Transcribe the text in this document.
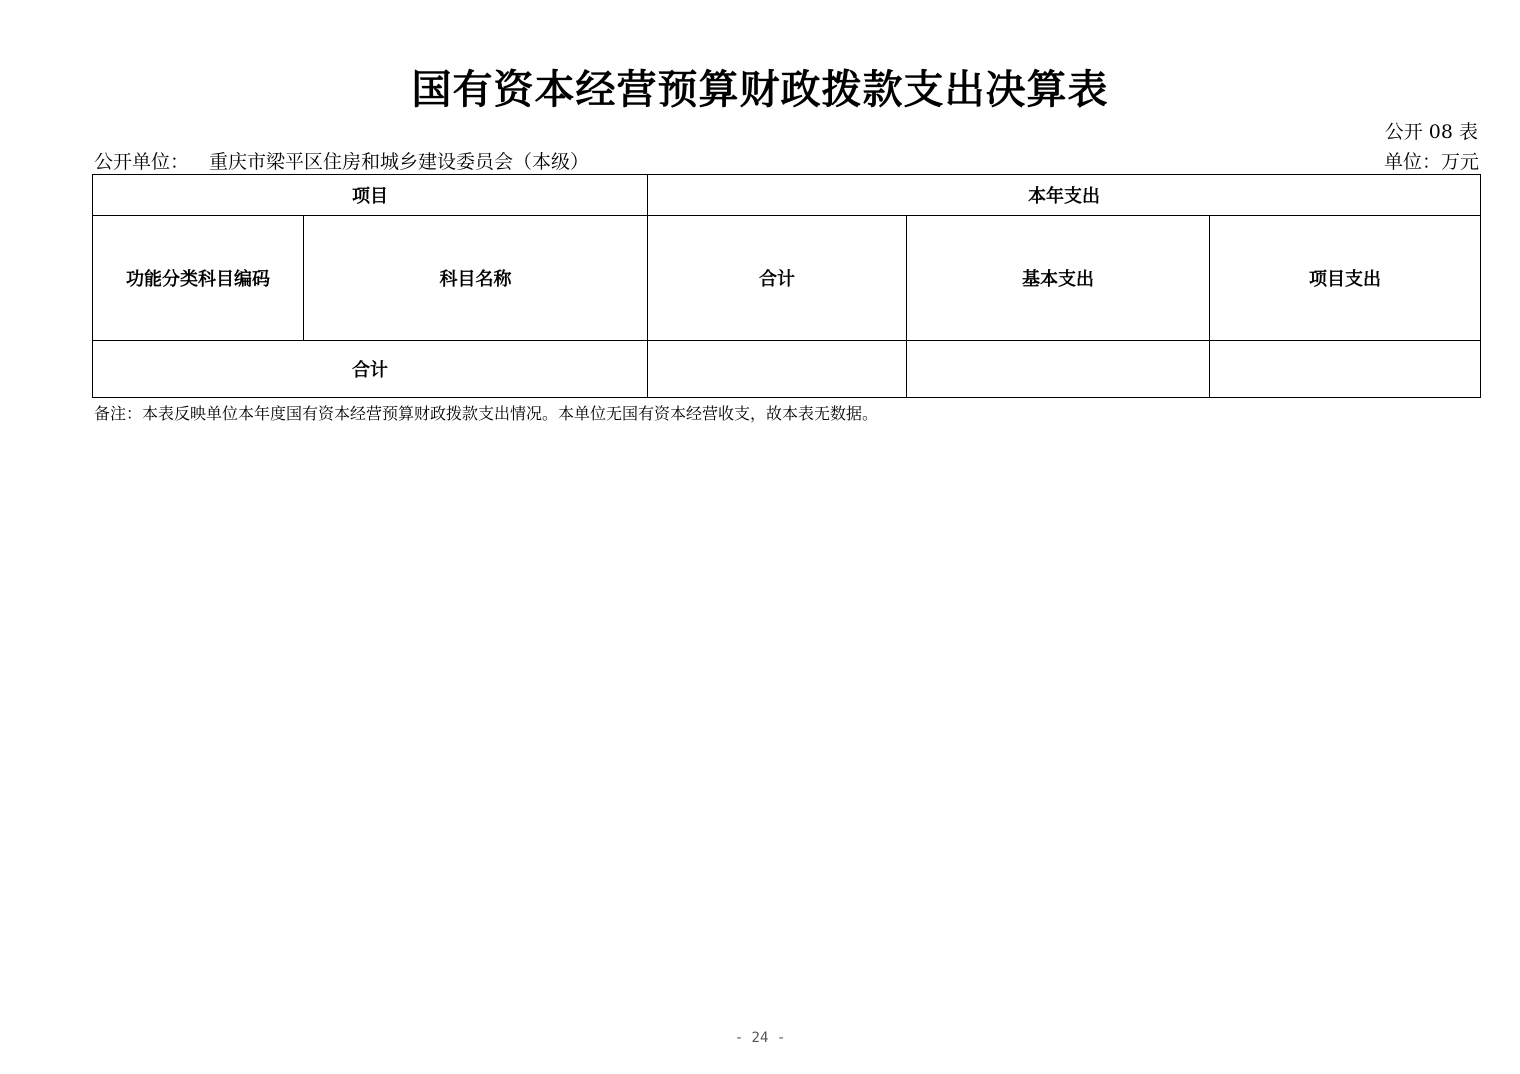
国有资本经营预算财政拨款支出决算表
公开 08 表
公开单位： 重庆市梁平区住房和城乡建设委员会（本级）	单位：万元
项目		本年支出		
功能分类科目编码	科目名称	合计	基本支出	项目支出
合计				
备注：本表反映单位本年度国有资本经营预算财政拨款支出情况。本单位无国有资本经营收支，故本表无数据。
- 24 -
